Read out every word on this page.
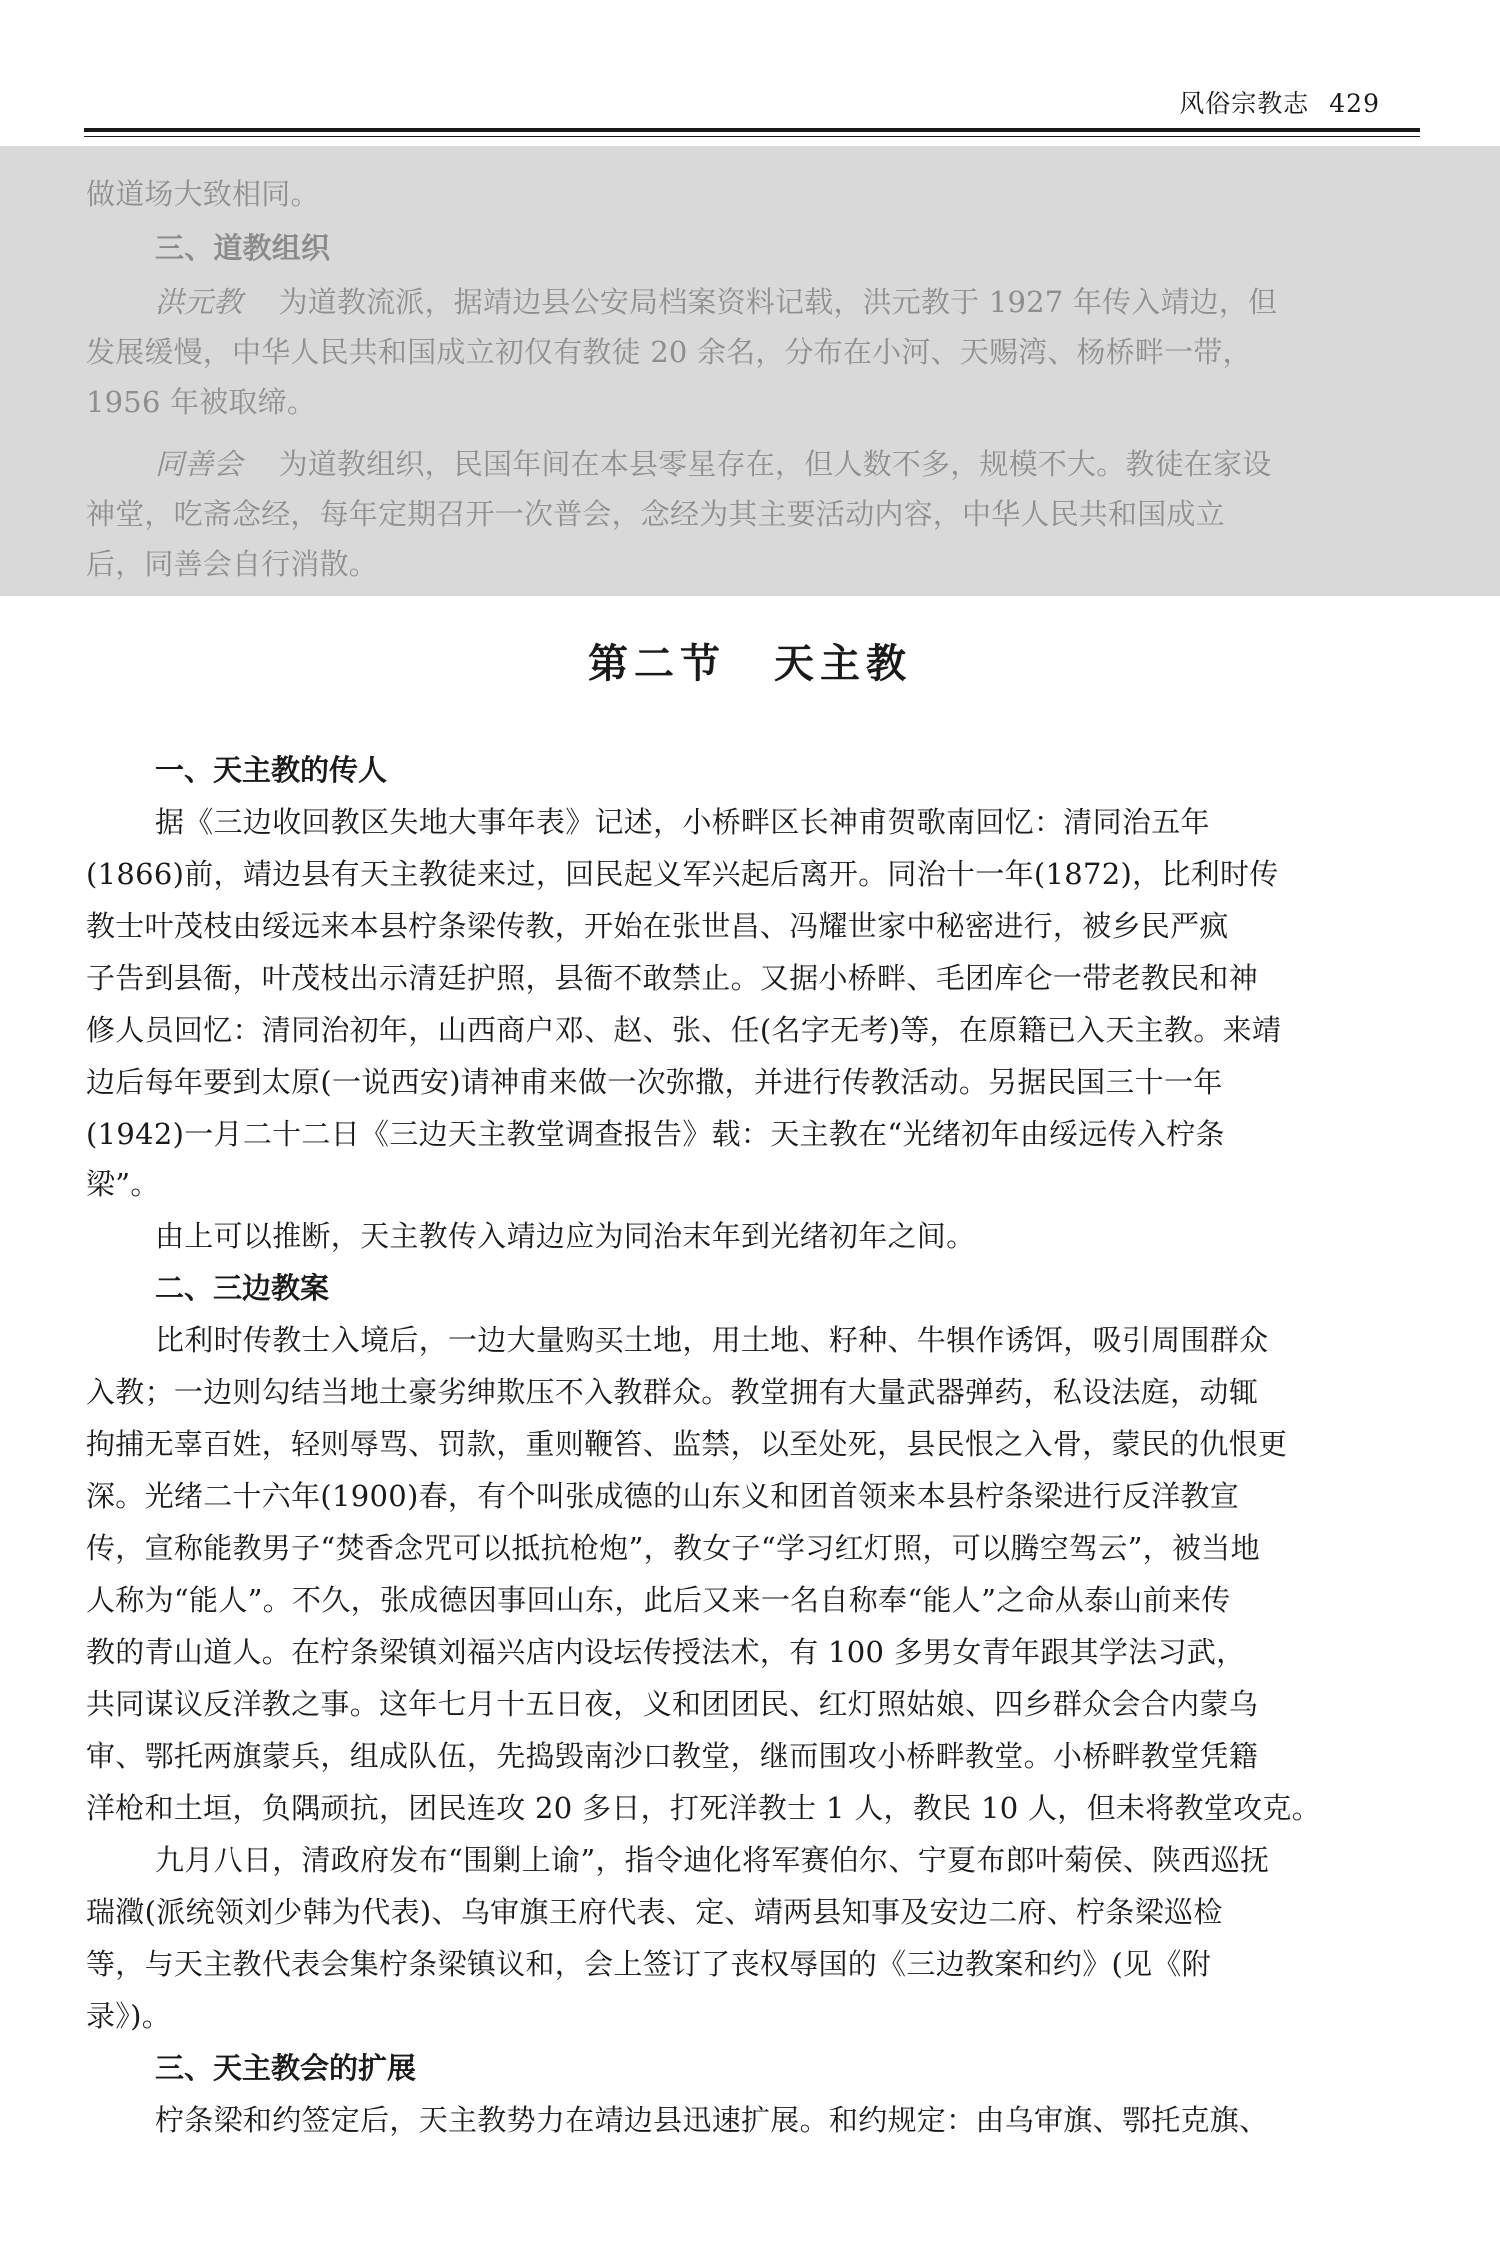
风俗宗教志 429
做道场大致相同。
三、道教组织
洪元教 为道教流派，据靖边县公安局档案资料记载，洪元教于 1927 年传入靖边，但
发展缓慢，中华人民共和国成立初仅有教徒 20 余名，分布在小河、天赐湾、杨桥畔一带，
1956 年被取缔。
同善会 为道教组织，民国年间在本县零星存在，但人数不多，规模不大。教徒在家设
神堂，吃斋念经，每年定期召开一次普会，念经为其主要活动内容，中华人民共和国成立
后，同善会自行消散。
第二节 天主教
一、天主教的传人
据《三边收回教区失地大事年表》记述，小桥畔区长神甫贺歌南回忆：清同治五年
(1866)前，靖边县有天主教徒来过，回民起义军兴起后离开。同治十一年(1872)，比利时传
教士叶茂枝由绥远来本县柠条梁传教，开始在张世昌、冯耀世家中秘密进行，被乡民严疯
子告到县衙，叶茂枝出示清廷护照，县衙不敢禁止。又据小桥畔、毛团库仑一带老教民和神
修人员回忆：清同治初年，山西商户邓、赵、张、任(名字无考)等，在原籍已入天主教。来靖
边后每年要到太原(一说西安)请神甫来做一次弥撒，并进行传教活动。另据民国三十一年
(1942)一月二十二日《三边天主教堂调查报告》载：天主教在“光绪初年由绥远传入柠条
梁”。
由上可以推断，天主教传入靖边应为同治末年到光绪初年之间。
二、三边教案
比利时传教士入境后，一边大量购买土地，用土地、籽种、牛犋作诱饵，吸引周围群众
入教；一边则勾结当地土豪劣绅欺压不入教群众。教堂拥有大量武器弹药，私设法庭，动辄
拘捕无辜百姓，轻则辱骂、罚款，重则鞭笞、监禁，以至处死，县民恨之入骨，蒙民的仇恨更
深。光绪二十六年(1900)春，有个叫张成德的山东义和团首领来本县柠条梁进行反洋教宣
传，宣称能教男子“焚香念咒可以抵抗枪炮”，教女子“学习红灯照，可以腾空驾云”，被当地
人称为“能人”。不久，张成德因事回山东，此后又来一名自称奉“能人”之命从泰山前来传
教的青山道人。在柠条梁镇刘福兴店内设坛传授法术，有 100 多男女青年跟其学法习武，
共同谋议反洋教之事。这年七月十五日夜，义和团团民、红灯照姑娘、四乡群众会合内蒙乌
审、鄂托两旗蒙兵，组成队伍，先捣毁南沙口教堂，继而围攻小桥畔教堂。小桥畔教堂凭籍
洋枪和土垣，负隅顽抗，团民连攻 20 多日，打死洋教士 1 人，教民 10 人，但未将教堂攻克。
九月八日，清政府发布“围剿上谕”，指令迪化将军赛伯尔、宁夏布郎叶菊侯、陕西巡抚
瑞瀓(派统领刘少韩为代表)、乌审旗王府代表、定、靖两县知事及安边二府、柠条梁巡检
等，与天主教代表会集柠条梁镇议和，会上签订了丧权辱国的《三边教案和约》(见《附
录》)。
三、天主教会的扩展
柠条梁和约签定后，天主教势力在靖边县迅速扩展。和约规定：由乌审旗、鄂托克旗、
